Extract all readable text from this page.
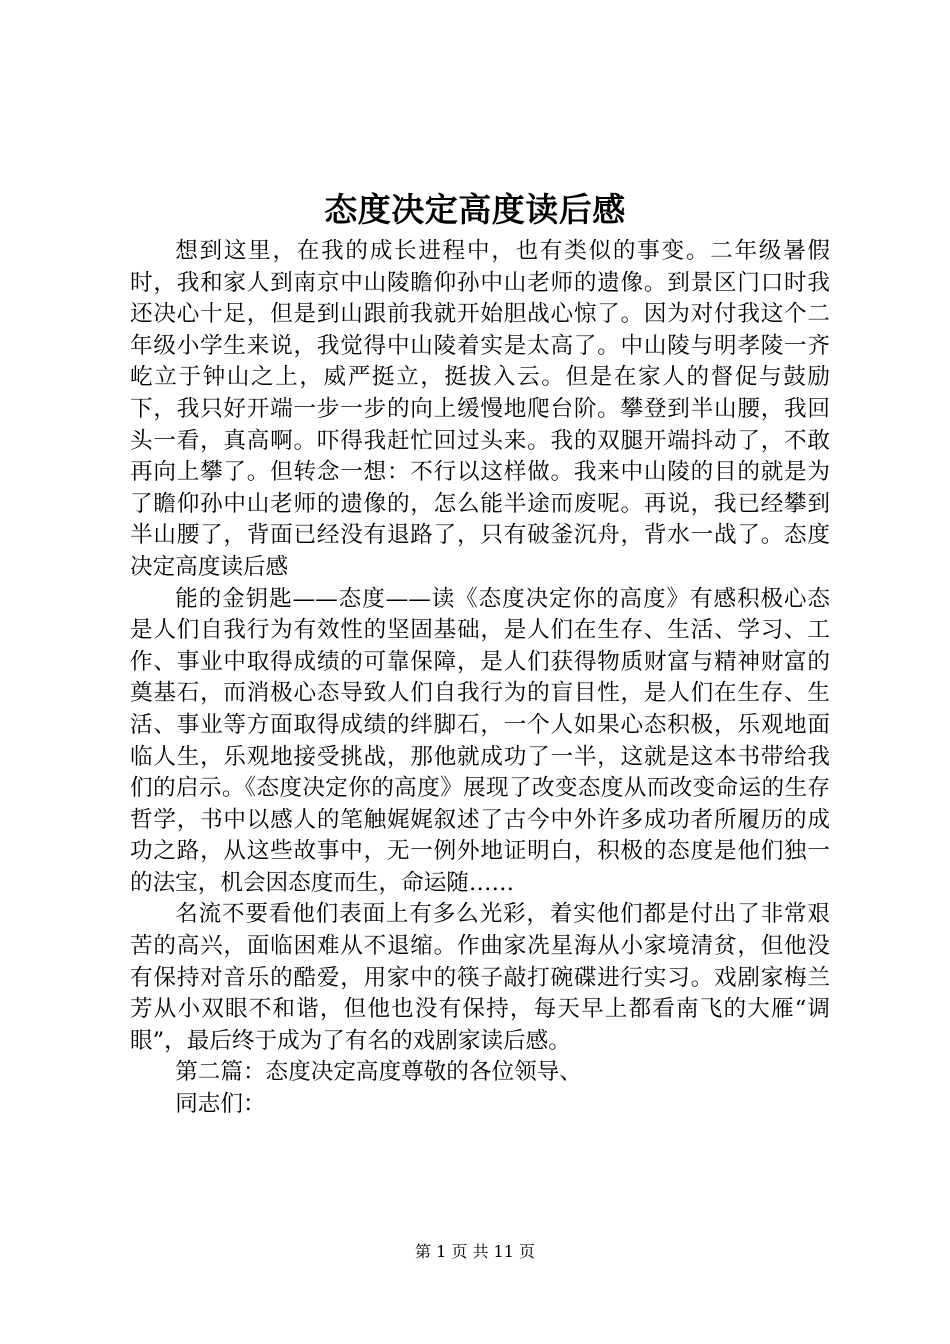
态度决定高度读后感

想到这里，在我的成长进程中，也有类似的事变。二年级暑假时，我和家人到南京中山陵瞻仰孙中山老师的遗像。到景区门口时我还决心十足，但是到山跟前我就开始胆战心惊了。因为对付我这个二年级小学生来说，我觉得中山陵着实是太高了。中山陵与明孝陵一齐屹立于钟山之上，威严挺立，挺拔入云。但是在家人的督促与鼓励下，我只好开端一步一步的向上缓慢地爬台阶。攀登到半山腰，我回头一看，真高啊。吓得我赶忙回过头来。我的双腿开端抖动了，不敢再向上攀了。但转念一想：不行以这样做。我来中山陵的目的就是为了瞻仰孙中山老师的遗像的，怎么能半途而废呢。再说，我已经攀到半山腰了，背面已经没有退路了，只有破釜沉舟，背水一战了。态度决定高度读后感

能的金钥匙——态度——读《态度决定你的高度》有感积极心态是人们自我行为有效性的坚固基础，是人们在生存、生活、学习、工作、事业中取得成绩的可靠保障，是人们获得物质财富与精神财富的奠基石，而消极心态导致人们自我行为的盲目性，是人们在生存、生活、事业等方面取得成绩的绊脚石，一个人如果心态积极，乐观地面临人生，乐观地接受挑战，那他就成功了一半，这就是这本书带给我们的启示。《态度决定你的高度》展现了改变态度从而改变命运的生存哲学，书中以感人的笔触娓娓叙述了古今中外许多成功者所履历的成功之路，从这些故事中，无一例外地证明白，积极的态度是他们独一的法宝，机会因态度而生，命运随……

名流不要看他们表面上有多么光彩，着实他们都是付出了非常艰苦的高兴，面临困难从不退缩。作曲家冼星海从小家境清贫，但他没有保持对音乐的酷爱，用家中的筷子敲打碗碟进行实习。戏剧家梅兰芳从小双眼不和谐，但他也没有保持，每天早上都看南飞的大雁“调眼”，最后终于成为了有名的戏剧家读后感。

第二篇：态度决定高度尊敬的各位领导、

同志们：

第 1 页 共 11 页
